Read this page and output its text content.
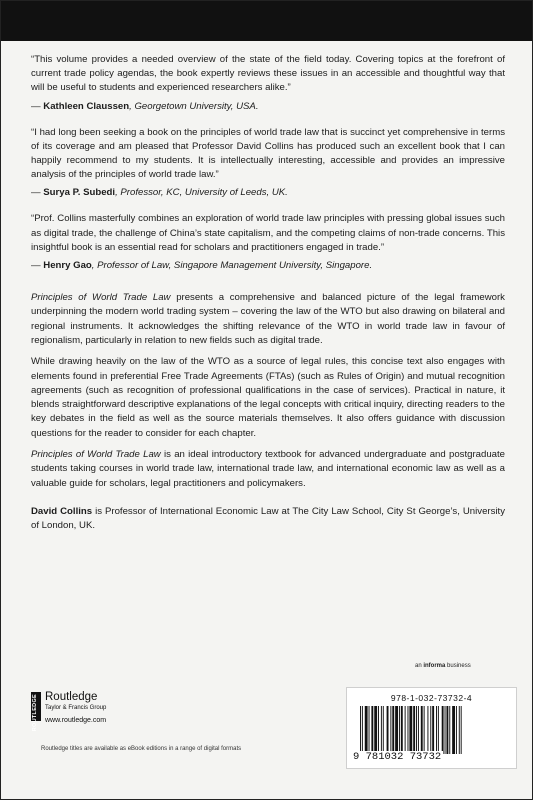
“This volume provides a needed overview of the state of the field today. Covering topics at the forefront of current trade policy agendas, the book expertly reviews these issues in an accessible and thoughtful way that will be useful to students and experienced researchers alike.”

— Kathleen Claussen, Georgetown University, USA.

“I had long been seeking a book on the principles of world trade law that is succinct yet comprehensive in terms of its coverage and am pleased that Professor David Collins has produced such an excellent book that I can happily recommend to my students. It is intellectually interesting, accessible and provides an impressive analysis of the principles of world trade law.”

— Surya P. Subedi, Professor, KC, University of Leeds, UK.

“Prof. Collins masterfully combines an exploration of world trade law principles with pressing global issues such as digital trade, the challenge of China’s state capitalism, and the competing claims of non-trade concerns. This insightful book is an essential read for scholars and practitioners engaged in trade.”

— Henry Gao, Professor of Law, Singapore Management University, Singapore.

Principles of World Trade Law presents a comprehensive and balanced picture of the legal framework underpinning the modern world trading system – covering the law of the WTO but also drawing on bilateral and regional instruments. It acknowledges the shifting relevance of the WTO in world trade law in favour of regionalism, particularly in relation to new fields such as digital trade.

While drawing heavily on the law of the WTO as a source of legal rules, this concise text also engages with elements found in preferential Free Trade Agreements (FTAs) (such as Rules of Origin) and mutual recognition agreements (such as recognition of professional qualifications in the case of services). Practical in nature, it blends straightforward descriptive explanations of the legal concepts with critical inquiry, directing readers to the key debates in the field as well as the source materials themselves. It also offers guidance with discussion questions for the reader to consider for each chapter.

Principles of World Trade Law is an ideal introductory textbook for advanced undergraduate and postgraduate students taking courses in world trade law, international trade law, and international economic law as well as a valuable guide for scholars, legal practitioners and policymakers.

David Collins is Professor of International Economic Law at The City Law School, City St George’s, University of London, UK.

an informa business
ROUTLEDGE Routledge
Taylor & Francis Group
www.routledge.com
978-1-032-73732-4
9 781032 73732
Routledge titles are available as eBook editions in a range of digital formats
